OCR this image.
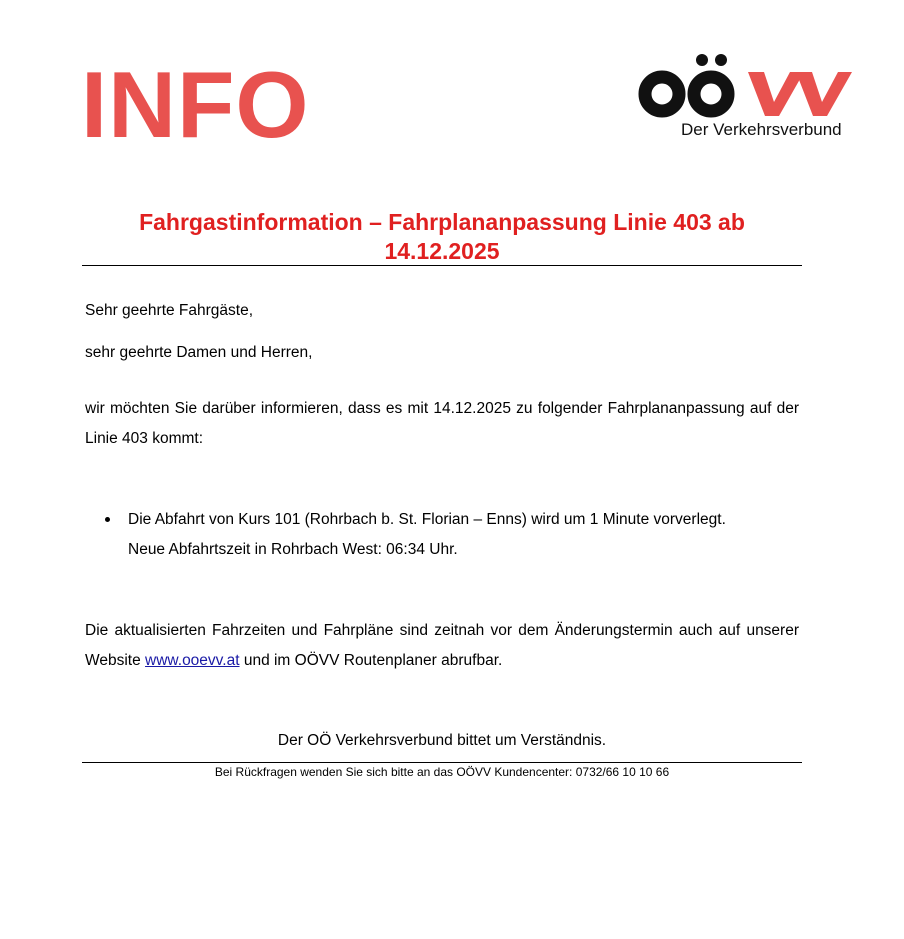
INFO	Der Verkehrsverbund
Fahrgastinformation – Fahrplananpassung Linie 403 ab
14.12.2025
Sehr geehrte Fahrgäste,
sehr geehrte Damen und Herren,
wir möchten Sie darüber informieren, dass es mit 14.12.2025 zu folgender Fahrplananpassung auf der Linie 403 kommt:
Die Abfahrt von Kurs 101 (Rohrbach b. St. Florian – Enns) wird um 1 Minute vorverlegt.
Neue Abfahrtszeit in Rohrbach West: 06:34 Uhr.
Die aktualisierten Fahrzeiten und Fahrpläne sind zeitnah vor dem Änderungstermin auch auf unserer Website www.ooevv.at und im OÖVV Routenplaner abrufbar.
Der OÖ Verkehrsverbund bittet um Verständnis.
Bei Rückfragen wenden Sie sich bitte an das OÖVV Kundencenter: 0732/66 10 10 66
